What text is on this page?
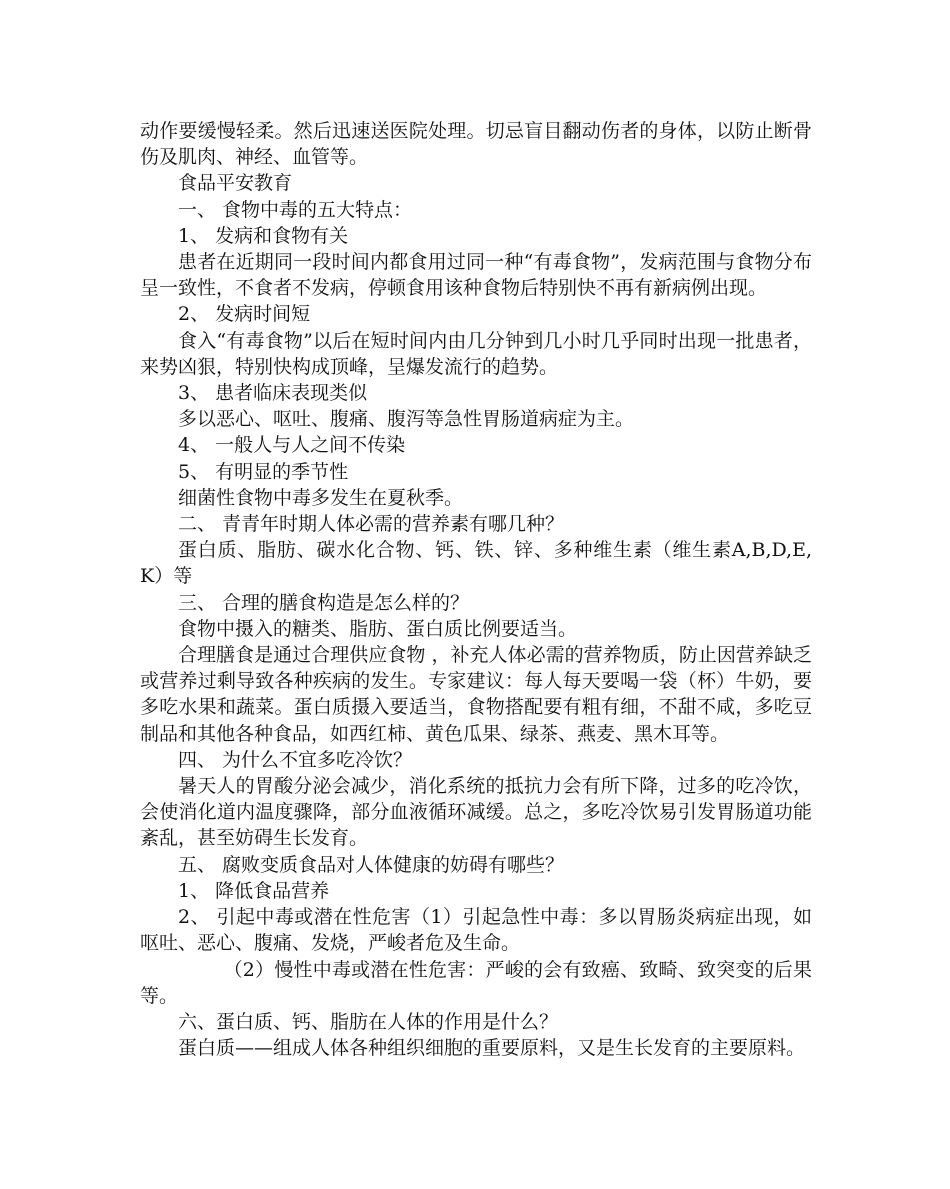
动作要缓慢轻柔。然后迅速送医院处理。切忌盲目翻动伤者的身体，以防止断骨伤及肌肉、神经、血管等。

食品平安教育

一、 食物中毒的五大特点：

1、 发病和食物有关

患者在近期同一段时间内都食用过同一种“有毒食物”，发病范围与食物分布呈一致性，不食者不发病，停顿食用该种食物后特别快不再有新病例出现。

2、 发病时间短

食入“有毒食物”以后在短时间内由几分钟到几小时几乎同时出现一批患者，来势凶狠，特别快构成顶峰，呈爆发流行的趋势。

3、 患者临床表现类似

多以恶心、呕吐、腹痛、腹泻等急性胃肠道病症为主。

4、 一般人与人之间不传染

5、 有明显的季节性

细菌性食物中毒多发生在夏秋季。

二、 青青年时期人体必需的营养素有哪几种？

蛋白质、脂肪、碳水化合物、钙、铁、锌、多种维生素（维生素A,B,D,E,K）等

三、 合理的膳食构造是怎么样的？

食物中摄入的糖类、脂肪、蛋白质比例要适当。

合理膳食是通过合理供应食物 ，补充人体必需的营养物质，防止因营养缺乏或营养过剩导致各种疾病的发生。专家建议：每人每天要喝一袋（杯）牛奶，要多吃水果和蔬菜。蛋白质摄入要适当，食物搭配要有粗有细，不甜不咸，多吃豆制品和其他各种食品，如西红柿、黄色瓜果、绿茶、燕麦、黑木耳等。

四、 为什么不宜多吃冷饮？

暑天人的胃酸分泌会减少，消化系统的抵抗力会有所下降，过多的吃冷饮，会使消化道内温度骤降，部分血液循环减缓。总之，多吃冷饮易引发胃肠道功能紊乱，甚至妨碍生长发育。

五、 腐败变质食品对人体健康的妨碍有哪些？

1、 降低食品营养

2、 引起中毒或潜在性危害（1）引起急性中毒：多以胃肠炎病症出现，如呕吐、恶心、腹痛、发烧，严峻者危及生命。

（2）慢性中毒或潜在性危害：严峻的会有致癌、致畸、致突变的后果等。

六、蛋白质、钙、脂肪在人体的作用是什么？

蛋白质——组成人体各种组织细胞的重要原料，又是生长发育的主要原料。
